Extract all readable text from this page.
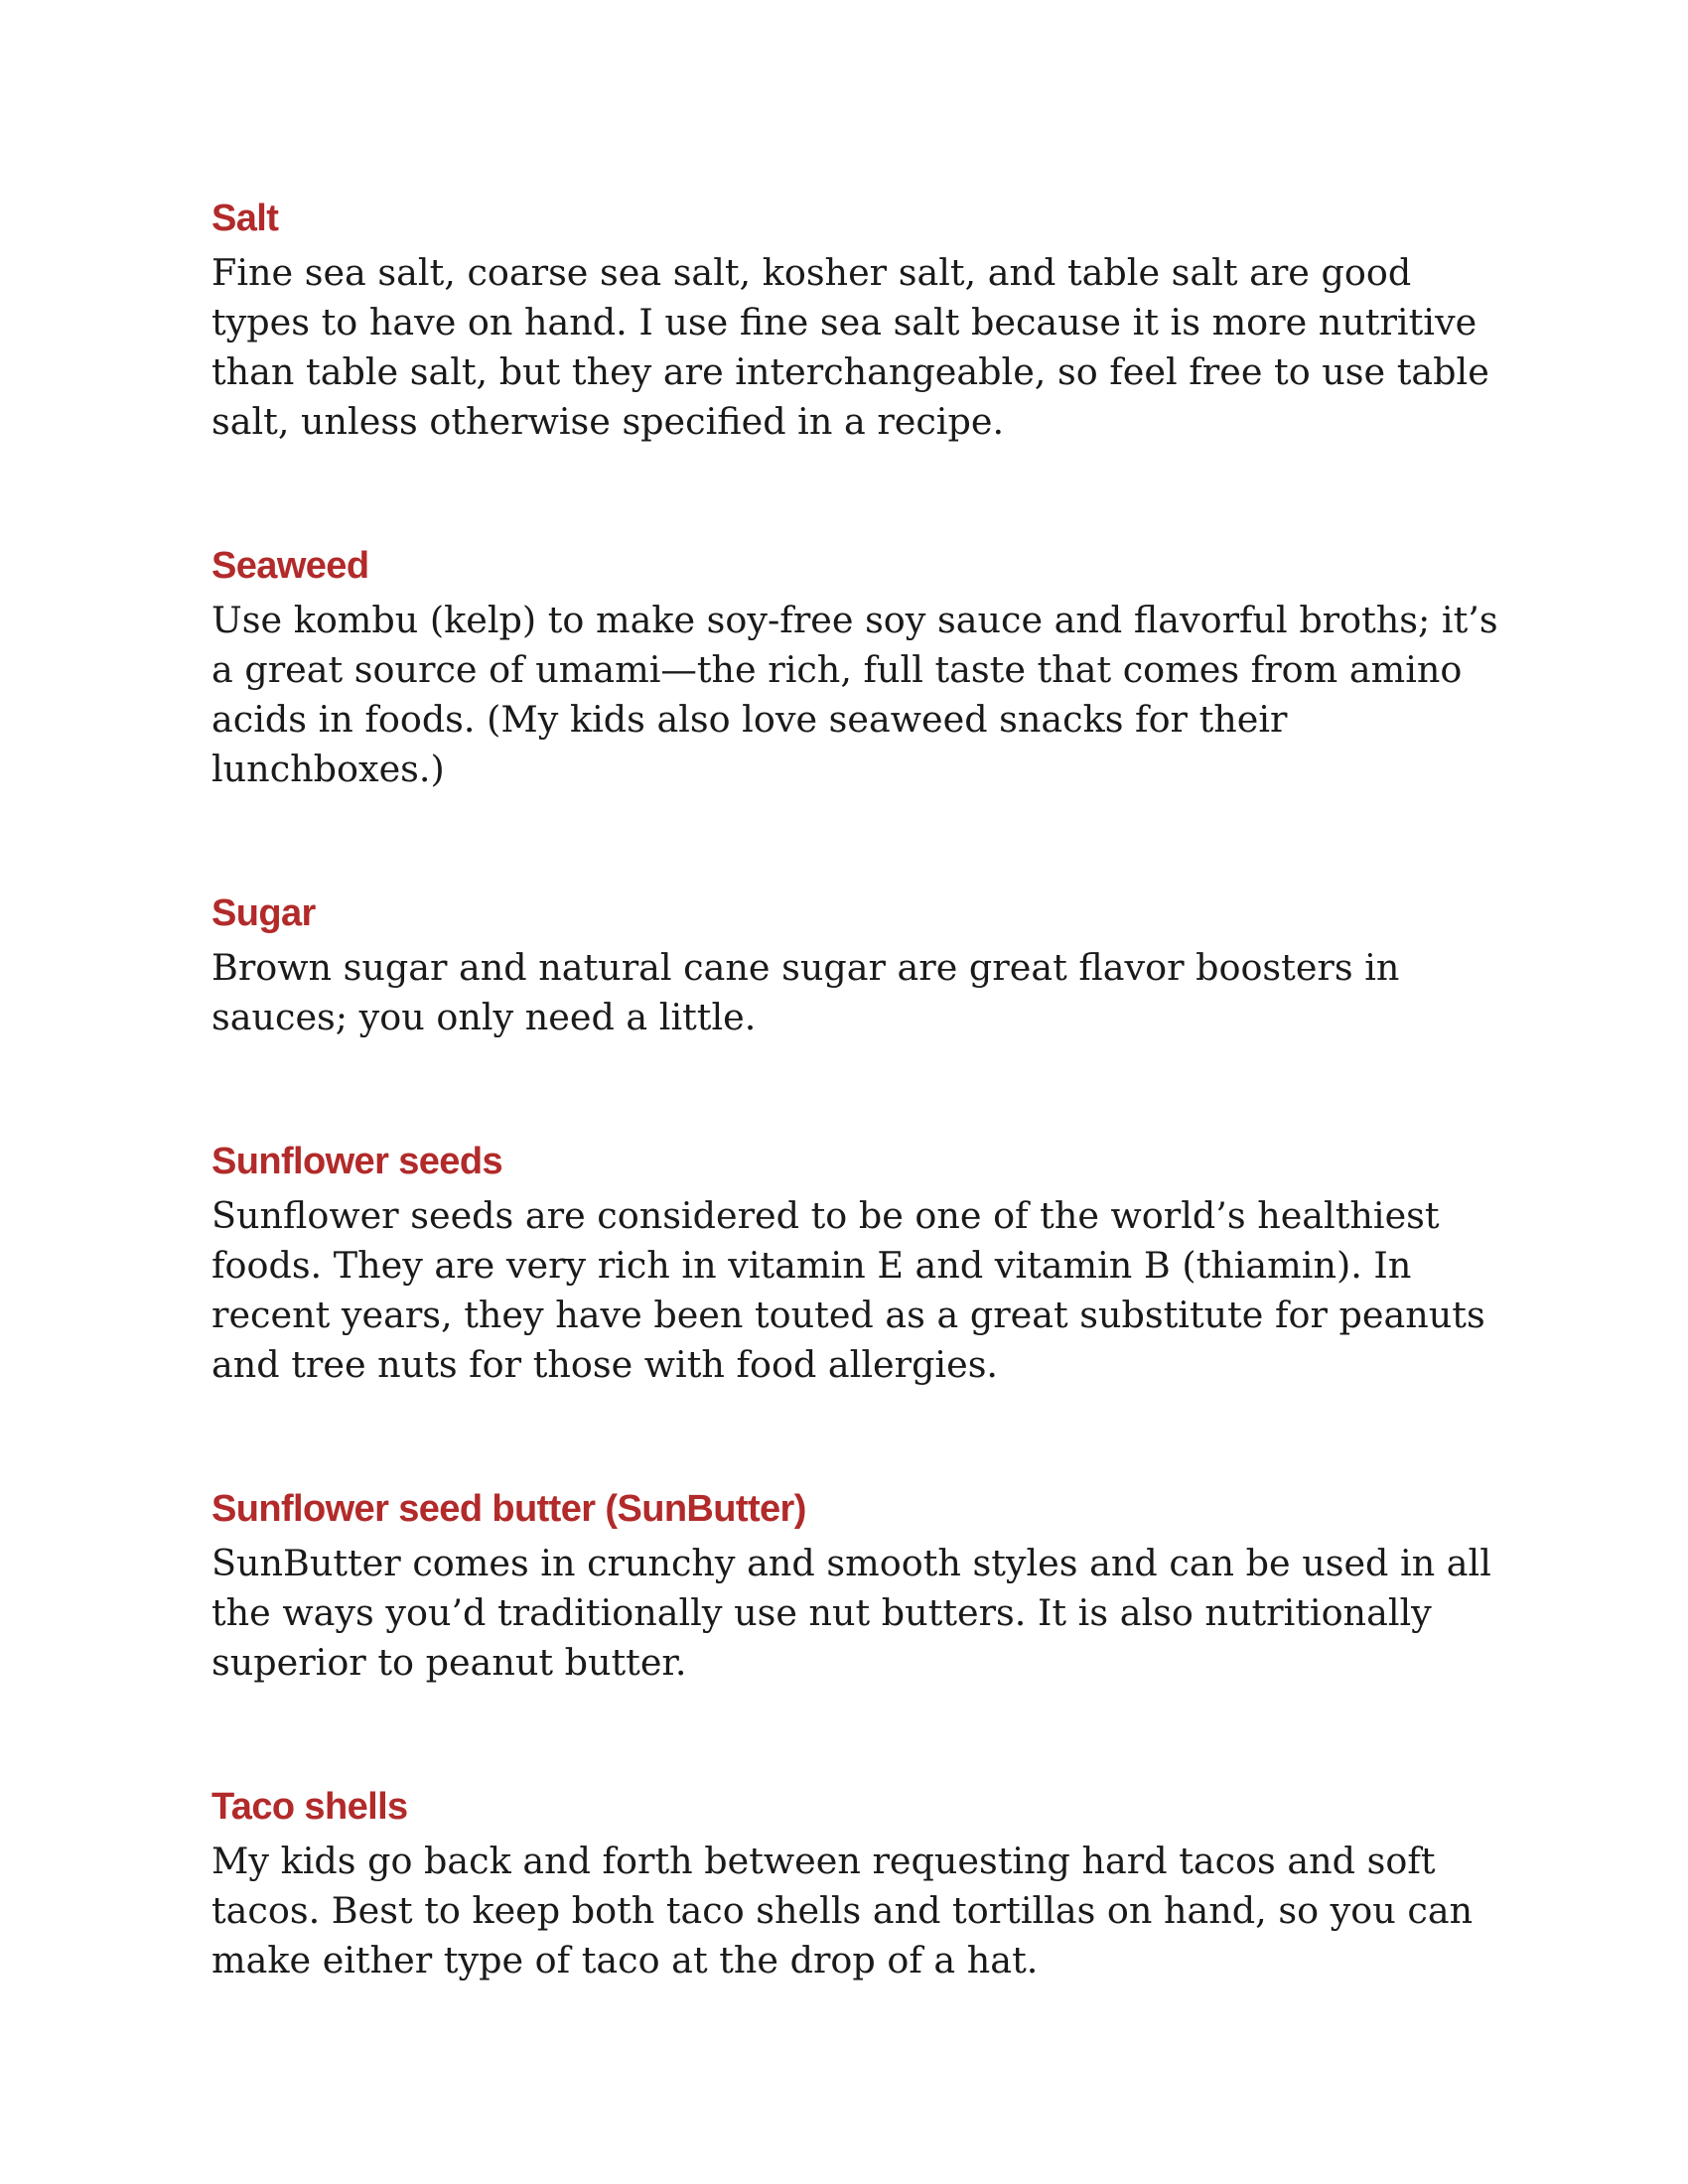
Salt

Fine sea salt, coarse sea salt, kosher salt, and table salt are good types to have on hand. I use fine sea salt because it is more nutritive than table salt, but they are interchangeable, so feel free to use table salt, unless otherwise specified in a recipe.

Seaweed

Use kombu (kelp) to make soy-free soy sauce and flavorful broths; it’s a great source of umami—the rich, full taste that comes from amino acids in foods. (My kids also love seaweed snacks for their lunchboxes.)

Sugar

Brown sugar and natural cane sugar are great flavor boosters in sauces; you only need a little.

Sunflower seeds

Sunflower seeds are considered to be one of the world’s healthiest foods. They are very rich in vitamin E and vitamin B (thiamin). In recent years, they have been touted as a great substitute for peanuts and tree nuts for those with food allergies.

Sunflower seed butter (SunButter)

SunButter comes in crunchy and smooth styles and can be used in all the ways you’d traditionally use nut butters. It is also nutritionally superior to peanut butter.

Taco shells

My kids go back and forth between requesting hard tacos and soft tacos. Best to keep both taco shells and tortillas on hand, so you can make either type of taco at the drop of a hat.
